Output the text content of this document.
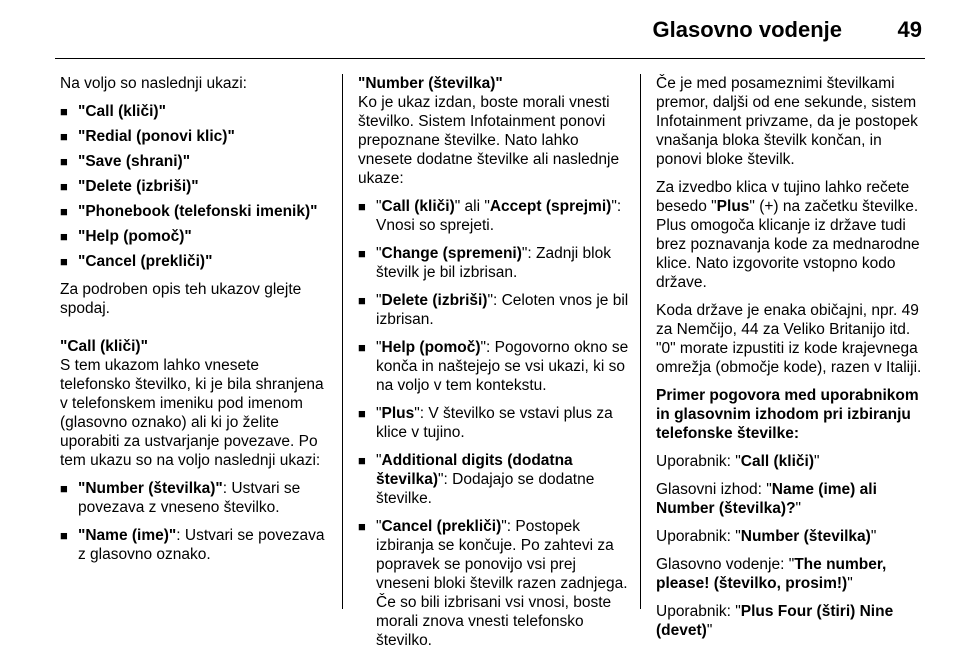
Glasovno vodenje	49

Na voljo so naslednji ukazi:

■ "Call (kliči)"
■ "Redial (ponovi klic)"
■ "Save (shrani)"
■ "Delete (izbriši)"
■ "Phonebook (telefonski imenik)"
■ "Help (pomoč)"
■ "Cancel (prekliči)"

Za podroben opis teh ukazov glejte spodaj.

"Call (kliči)"

S tem ukazom lahko vnesete telefonsko številko, ki je bila shranjena v telefonskem imeniku pod imenom (glasovno oznako) ali ki jo želite uporabiti za ustvarjanje povezave. Po tem ukazu so na voljo naslednji ukazi:

■ "Number (številka)": Ustvari se povezava z vneseno številko.
■ "Name (ime)": Ustvari se povezava z glasovno oznako.
"Number (številka)"

Ko je ukaz izdan, boste morali vnesti številko. Sistem Infotainment ponovi prepoznane številke. Nato lahko vnesete dodatne številke ali naslednje ukaze:

■ "Call (kliči)" ali "Accept (sprejmi)": Vnosi so sprejeti.
■ "Change (spremeni)": Zadnji blok številk je bil izbrisan.
■ "Delete (izbriši)": Celoten vnos je bil izbrisan.
■ "Help (pomoč)": Pogovorno okno se konča in naštejejo se vsi ukazi, ki so na voljo v tem kontekstu.
■ "Plus": V številko se vstavi plus za klice v tujino.
■ "Additional digits (dodatna številka)": Dodajajo se dodatne številke.
■ "Cancel (prekliči)": Postopek izbiranja se končuje. Po zahtevi za popravek se ponovijo vsi prej vneseni bloki številk razen zadnjega. Če so bili izbrisani vsi vnosi, boste morali znova vnesti telefonsko številko.

Če je med posameznimi številkami premor, daljši od ene sekunde, sistem Infotainment privzame, da je postopek vnašanja bloka številk končan, in ponovi bloke številk.

Za izvedbo klica v tujino lahko rečete besedo "Plus" (+) na začetku številke. Plus omogoča klicanje iz države tudi brez poznavanja kode za mednarodne klice. Nato izgovorite vstopno kodo države.

Koda države je enaka običajni, npr. 49 za Nemčijo, 44 za Veliko Britanijo itd. "0" morate izpustiti iz kode krajevnega omrežja (območje kode), razen v Italiji.

Primer pogovora med uporabnikom in glasovnim izhodom pri izbiranju telefonske številke:

Uporabnik: "Call (kliči)"

Glasovni izhod: "Name (ime) ali Number (številka)?"

Uporabnik: "Number (številka)"

Glasovno vodenje: "The number, please! (številko, prosim!)"

Uporabnik: "Plus Four (štiri) Nine (devet)"
